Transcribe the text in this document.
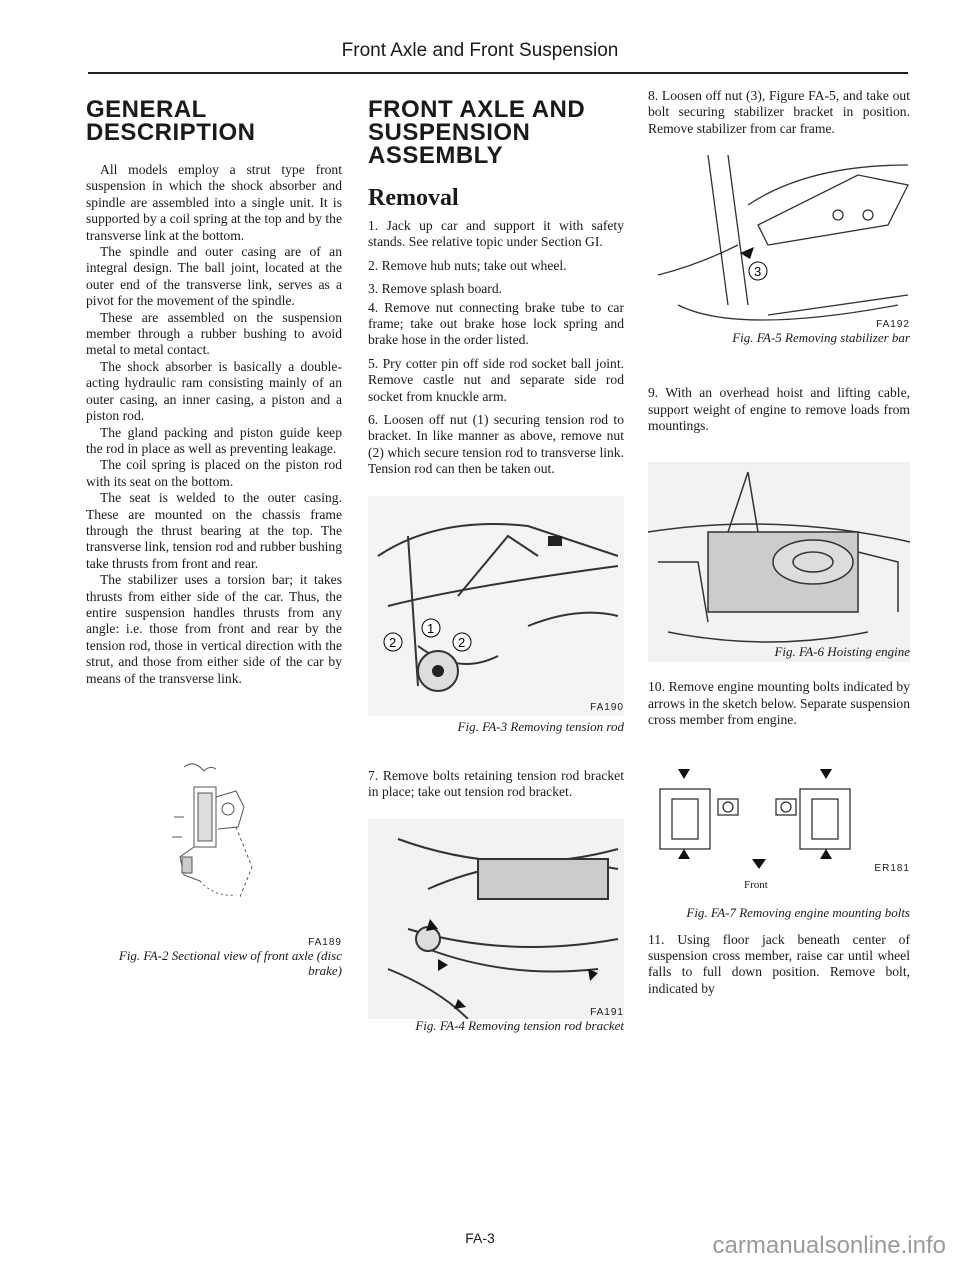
Front Axle and Front Suspension
GENERAL DESCRIPTION

All models employ a strut type front suspension in which the shock absorber and spindle are assembled into a single unit. It is supported by a coil spring at the top and by the transverse link at the bottom.

The spindle and outer casing are of an integral design. The ball joint, located at the outer end of the transverse link, serves as a pivot for the movement of the spindle.

These are assembled on the suspension member through a rubber bushing to avoid metal to metal contact.

The shock absorber is basically a double-acting hydraulic ram consisting mainly of an outer casing, an inner casing, a piston and a piston rod.

The gland packing and piston guide keep the rod in place as well as preventing leakage.

The coil spring is placed on the piston rod with its seat on the bottom.

The seat is welded to the outer casing. These are mounted on the chassis frame through the thrust bearing at the top. The transverse link, tension rod and rubber bushing take thrusts from front and rear.

The stabilizer uses a torsion bar; it takes thrusts from either side of the car. Thus, the entire suspension handles thrusts from any angle: i.e. those from front and rear by the tension rod, those in vertical direction with the strut, and those from either side of the car by means of the transverse link.

FA189
Fig. FA-2 Sectional view of front axle (disc brake)
FRONT AXLE AND SUSPENSION ASSEMBLY
Removal

1. Jack up car and support it with safety stands. See relative topic under Section GI.

2. Remove hub nuts; take out wheel.

3. Remove splash board.

4. Remove nut connecting brake tube to car frame; take out brake hose lock spring and brake hose in the order listed.

5. Pry cotter pin off side rod socket ball joint. Remove castle nut and separate side rod socket from knuckle arm.

6. Loosen off nut (1) securing tension rod to bracket. In like manner as above, remove nut (2) which secure tension rod to transverse link. Tension rod can then be taken out.

1
2	2
FA190
Fig. FA-3 Removing tension rod

7. Remove bolts retaining tension rod bracket in place; take out tension rod bracket.

FA191
Fig. FA-4 Removing tension rod bracket

8. Loosen off nut (3), Figure FA-5, and take out bolt securing stabilizer bracket in position. Remove stabilizer from car frame.

3
FA192
Fig. FA-5 Removing stabilizer bar

9. With an overhead hoist and lifting cable, support weight of engine to remove loads from mountings.

Fig. FA-6 Hoisting engine

10. Remove engine mounting bolts indicated by arrows in the sketch below. Separate suspension cross member from engine.

Front
ER181
Fig. FA-7 Removing engine mounting bolts

11. Using floor jack beneath center of suspension cross member, raise car until wheel falls to full down position. Remove bolt, indicated by

FA-3	carmanualsonline.info
